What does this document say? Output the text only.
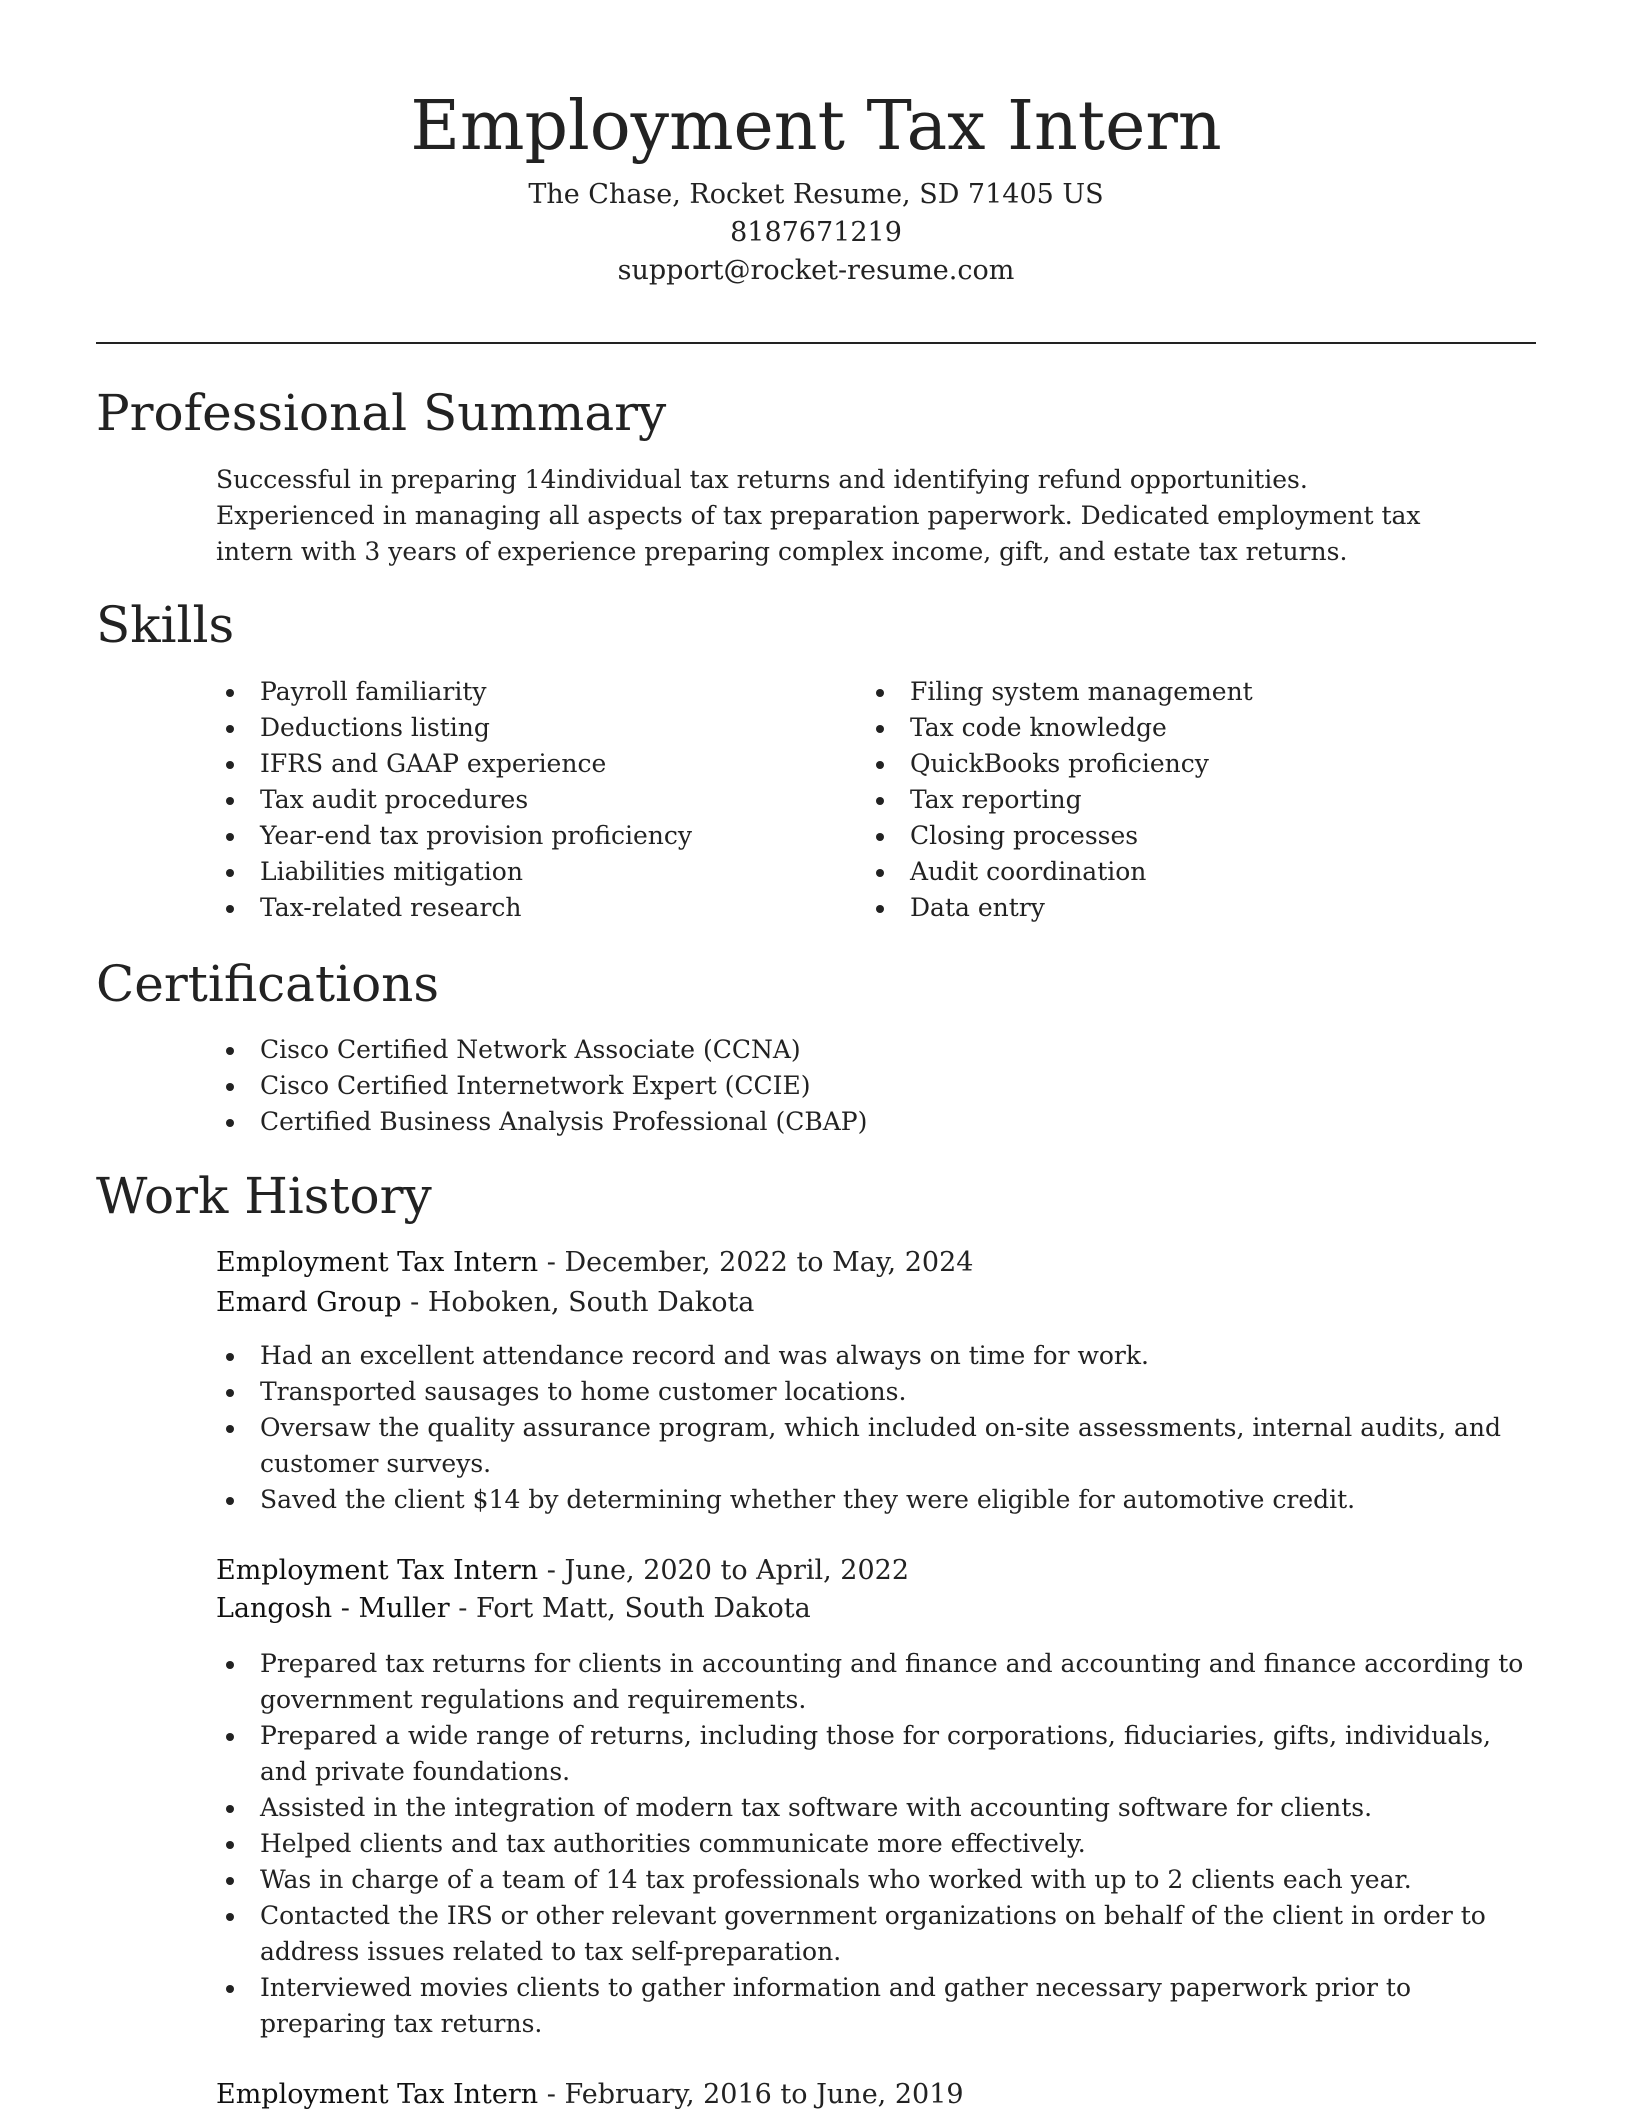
Employment Tax Intern
The Chase, Rocket Resume, SD 71405 US
8187671219
support@rocket-resume.com
Professional Summary

Successful in preparing 14individual tax returns and identifying refund opportunities. Experienced in managing all aspects of tax preparation paperwork. Dedicated employment tax intern with 3 years of experience preparing complex income, gift, and estate tax returns.

Skills
Payroll familiarity
Deductions listing
IFRS and GAAP experience
Tax audit procedures
Year-end tax provision proficiency
Liabilities mitigation
Tax-related research
Filing system management
Tax code knowledge
QuickBooks proficiency
Tax reporting
Closing processes
Audit coordination
Data entry
Certifications
Cisco Certified Network Associate (CCNA)
Cisco Certified Internetwork Expert (CCIE)
Certified Business Analysis Professional (CBAP)
Work History
Employment Tax Intern - December, 2022 to May, 2024
Emard Group - Hoboken, South Dakota
Had an excellent attendance record and was always on time for work.
Transported sausages to home customer locations.
Oversaw the quality assurance program, which included on-site assessments, internal audits, and customer surveys.
Saved the client $14 by determining whether they were eligible for automotive credit.
Employment Tax Intern - June, 2020 to April, 2022
Langosh - Muller - Fort Matt, South Dakota
Prepared tax returns for clients in accounting and finance and accounting and finance according to government regulations and requirements.
Prepared a wide range of returns, including those for corporations, fiduciaries, gifts, individuals, and private foundations.
Assisted in the integration of modern tax software with accounting software for clients.
Helped clients and tax authorities communicate more effectively.
Was in charge of a team of 14 tax professionals who worked with up to 2 clients each year.
Contacted the IRS or other relevant government organizations on behalf of the client in order to address issues related to tax self-preparation.
Interviewed movies clients to gather information and gather necessary paperwork prior to preparing tax returns.
Employment Tax Intern - February, 2016 to June, 2019
